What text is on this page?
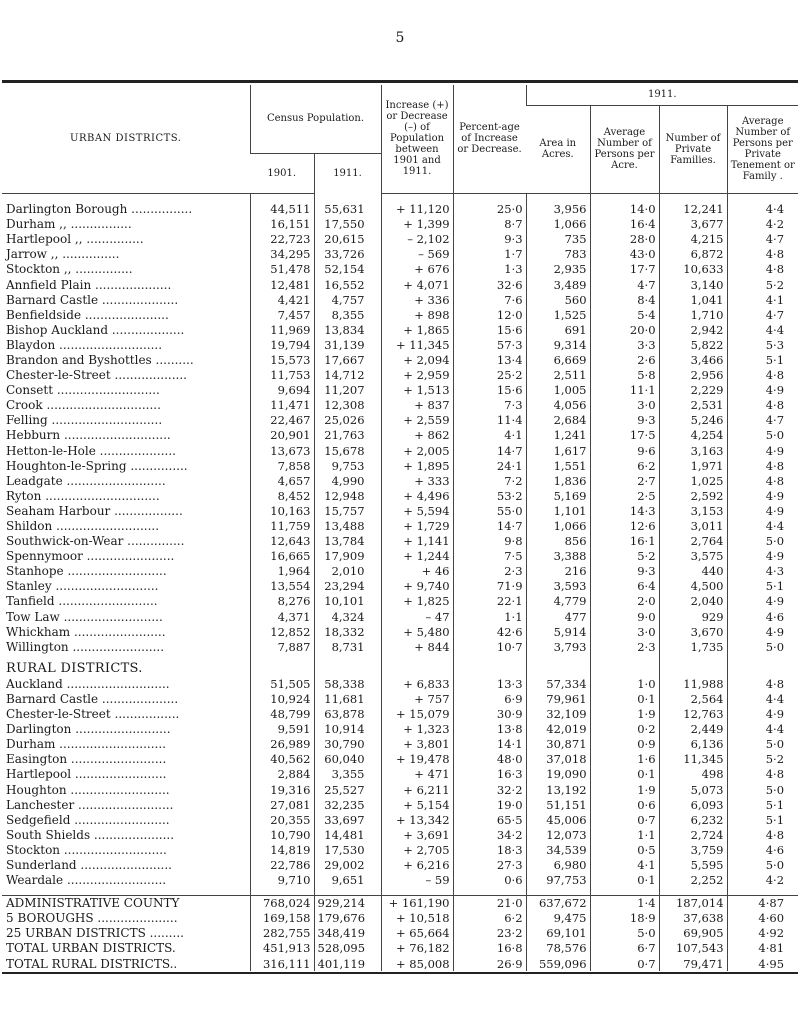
5
URBAN DISTRICTS.	Census Population.		Increase (+) or Decrease (–) of Population between 1901 and 1911.	Percent-age of Increase or Decrease.	1911.			
					Area in Acres.	Average Number of Persons per Acre.	Number of Private Families.	Average Number of Persons per Private Tenement or Family .
	1901.	1911.						

Darlington Borough ................	44,511	55,631	+ 11,120	25·0	3,956	14·0	12,241	4·4
Durham ,, ................	16,151	17,550	+ 1,399	8·7	1,066	16·4	3,677	4·2
Hartlepool ,, ...............	22,723	20,615	– 2,102	9·3	735	28·0	4,215	4·7
Jarrow ,, ...............	34,295	33,726	– 569	1·7	783	43·0	6,872	4·8
Stockton ,, ...............	51,478	52,154	+ 676	1·3	2,935	17·7	10,633	4·8
Annfield Plain ....................	12,481	16,552	+ 4,071	32·6	3,489	4·7	3,140	5·2
Barnard Castle ....................	4,421	4,757	+ 336	7·6	560	8·4	1,041	4·1
Benfieldside ......................	7,457	8,355	+ 898	12·0	1,525	5·4	1,710	4·7
Bishop Auckland ...................	11,969	13,834	+ 1,865	15·6	691	20·0	2,942	4·4
Blaydon ...........................	19,794	31,139	+ 11,345	57·3	9,314	3·3	5,822	5·3
Brandon and Byshottles ..........	15,573	17,667	+ 2,094	13·4	6,669	2·6	3,466	5·1
Chester-le-Street ...................	11,753	14,712	+ 2,959	25·2	2,511	5·8	2,956	4·8
Consett ...........................	9,694	11,207	+ 1,513	15·6	1,005	11·1	2,229	4·9
Crook ..............................	11,471	12,308	+ 837	7·3	4,056	3·0	2,531	4·8
Felling .............................	22,467	25,026	+ 2,559	11·4	2,684	9·3	5,246	4·7
Hebburn ............................	20,901	21,763	+ 862	4·1	1,241	17·5	4,254	5·0
Hetton-le-Hole ....................	13,673	15,678	+ 2,005	14·7	1,617	9·6	3,163	4·9
Houghton-le-Spring ...............	7,858	9,753	+ 1,895	24·1	1,551	6·2	1,971	4·8
Leadgate ..........................	4,657	4,990	+ 333	7·2	1,836	2·7	1,025	4·8
Ryton ..............................	8,452	12,948	+ 4,496	53·2	5,169	2·5	2,592	4·9
Seaham Harbour ..................	10,163	15,757	+ 5,594	55·0	1,101	14·3	3,153	4·9
Shildon ...........................	11,759	13,488	+ 1,729	14·7	1,066	12·6	3,011	4·4
Southwick-on-Wear ...............	12,643	13,784	+ 1,141	9·8	856	16·1	2,764	5·0
Spennymoor .......................	16,665	17,909	+ 1,244	7·5	3,388	5·2	3,575	4·9
Stanhope ..........................	1,964	2,010	+ 46	2·3	216	9·3	440	4·3
Stanley ...........................	13,554	23,294	+ 9,740	71·9	3,593	6·4	4,500	5·1
Tanfield ..........................	8,276	10,101	+ 1,825	22·1	4,779	2·0	2,040	4·9
Tow Law ..........................	4,371	4,324	– 47	1·1	477	9·0	929	4·6
Whickham ........................	12,852	18,332	+ 5,480	42·6	5,914	3·0	3,670	4·9
Willington ........................	7,887	8,731	+ 844	10·7	3,793	2·3	1,735	5·0
RURAL DISTRICTS.								
Auckland ...........................	51,505	58,338	+ 6,833	13·3	57,334	1·0	11,988	4·8
Barnard Castle ....................	10,924	11,681	+ 757	6·9	79,961	0·1	2,564	4·4
Chester-le-Street .................	48,799	63,878	+ 15,079	30·9	32,109	1·9	12,763	4·9
Darlington .........................	9,591	10,914	+ 1,323	13·8	42,019	0·2	2,449	4·4
Durham ............................	26,989	30,790	+ 3,801	14·1	30,871	0·9	6,136	5·0
Easington .........................	40,562	60,040	+ 19,478	48·0	37,018	1·6	11,345	5·2
Hartlepool ........................	2,884	3,355	+ 471	16·3	19,090	0·1	498	4·8
Houghton ..........................	19,316	25,527	+ 6,211	32·2	13,192	1·9	5,073	5·0
Lanchester .........................	27,081	32,235	+ 5,154	19·0	51,151	0·6	6,093	5·1
Sedgefield .........................	20,355	33,697	+ 13,342	65·5	45,006	0·7	6,232	5·1
South Shields .....................	10,790	14,481	+ 3,691	34·2	12,073	1·1	2,724	4·8
Stockton ...........................	14,819	17,530	+ 2,705	18·3	34,539	0·5	3,759	4·6
Sunderland ........................	22,786	29,002	+ 6,216	27·3	6,980	4·1	5,595	5·0
Weardale ..........................	9,710	9,651	– 59	0·6	97,753	0·1	2,252	4·2

ADMINISTRATIVE COUNTY	768,024	929,214	+ 161,190	21·0	637,672	1·4	187,014	4·87
5 BOROUGHS .....................	169,158	179,676	+ 10,518	6·2	9,475	18·9	37,638	4·60
25 URBAN DISTRICTS .........	282,755	348,419	+ 65,664	23·2	69,101	5·0	69,905	4·92
TOTAL URBAN DISTRICTS.	451,913	528,095	+ 76,182	16·8	78,576	6·7	107,543	4·81
TOTAL RURAL DISTRICTS..	316,111	401,119	+ 85,008	26·9	559,096	0·7	79,471	4·95
